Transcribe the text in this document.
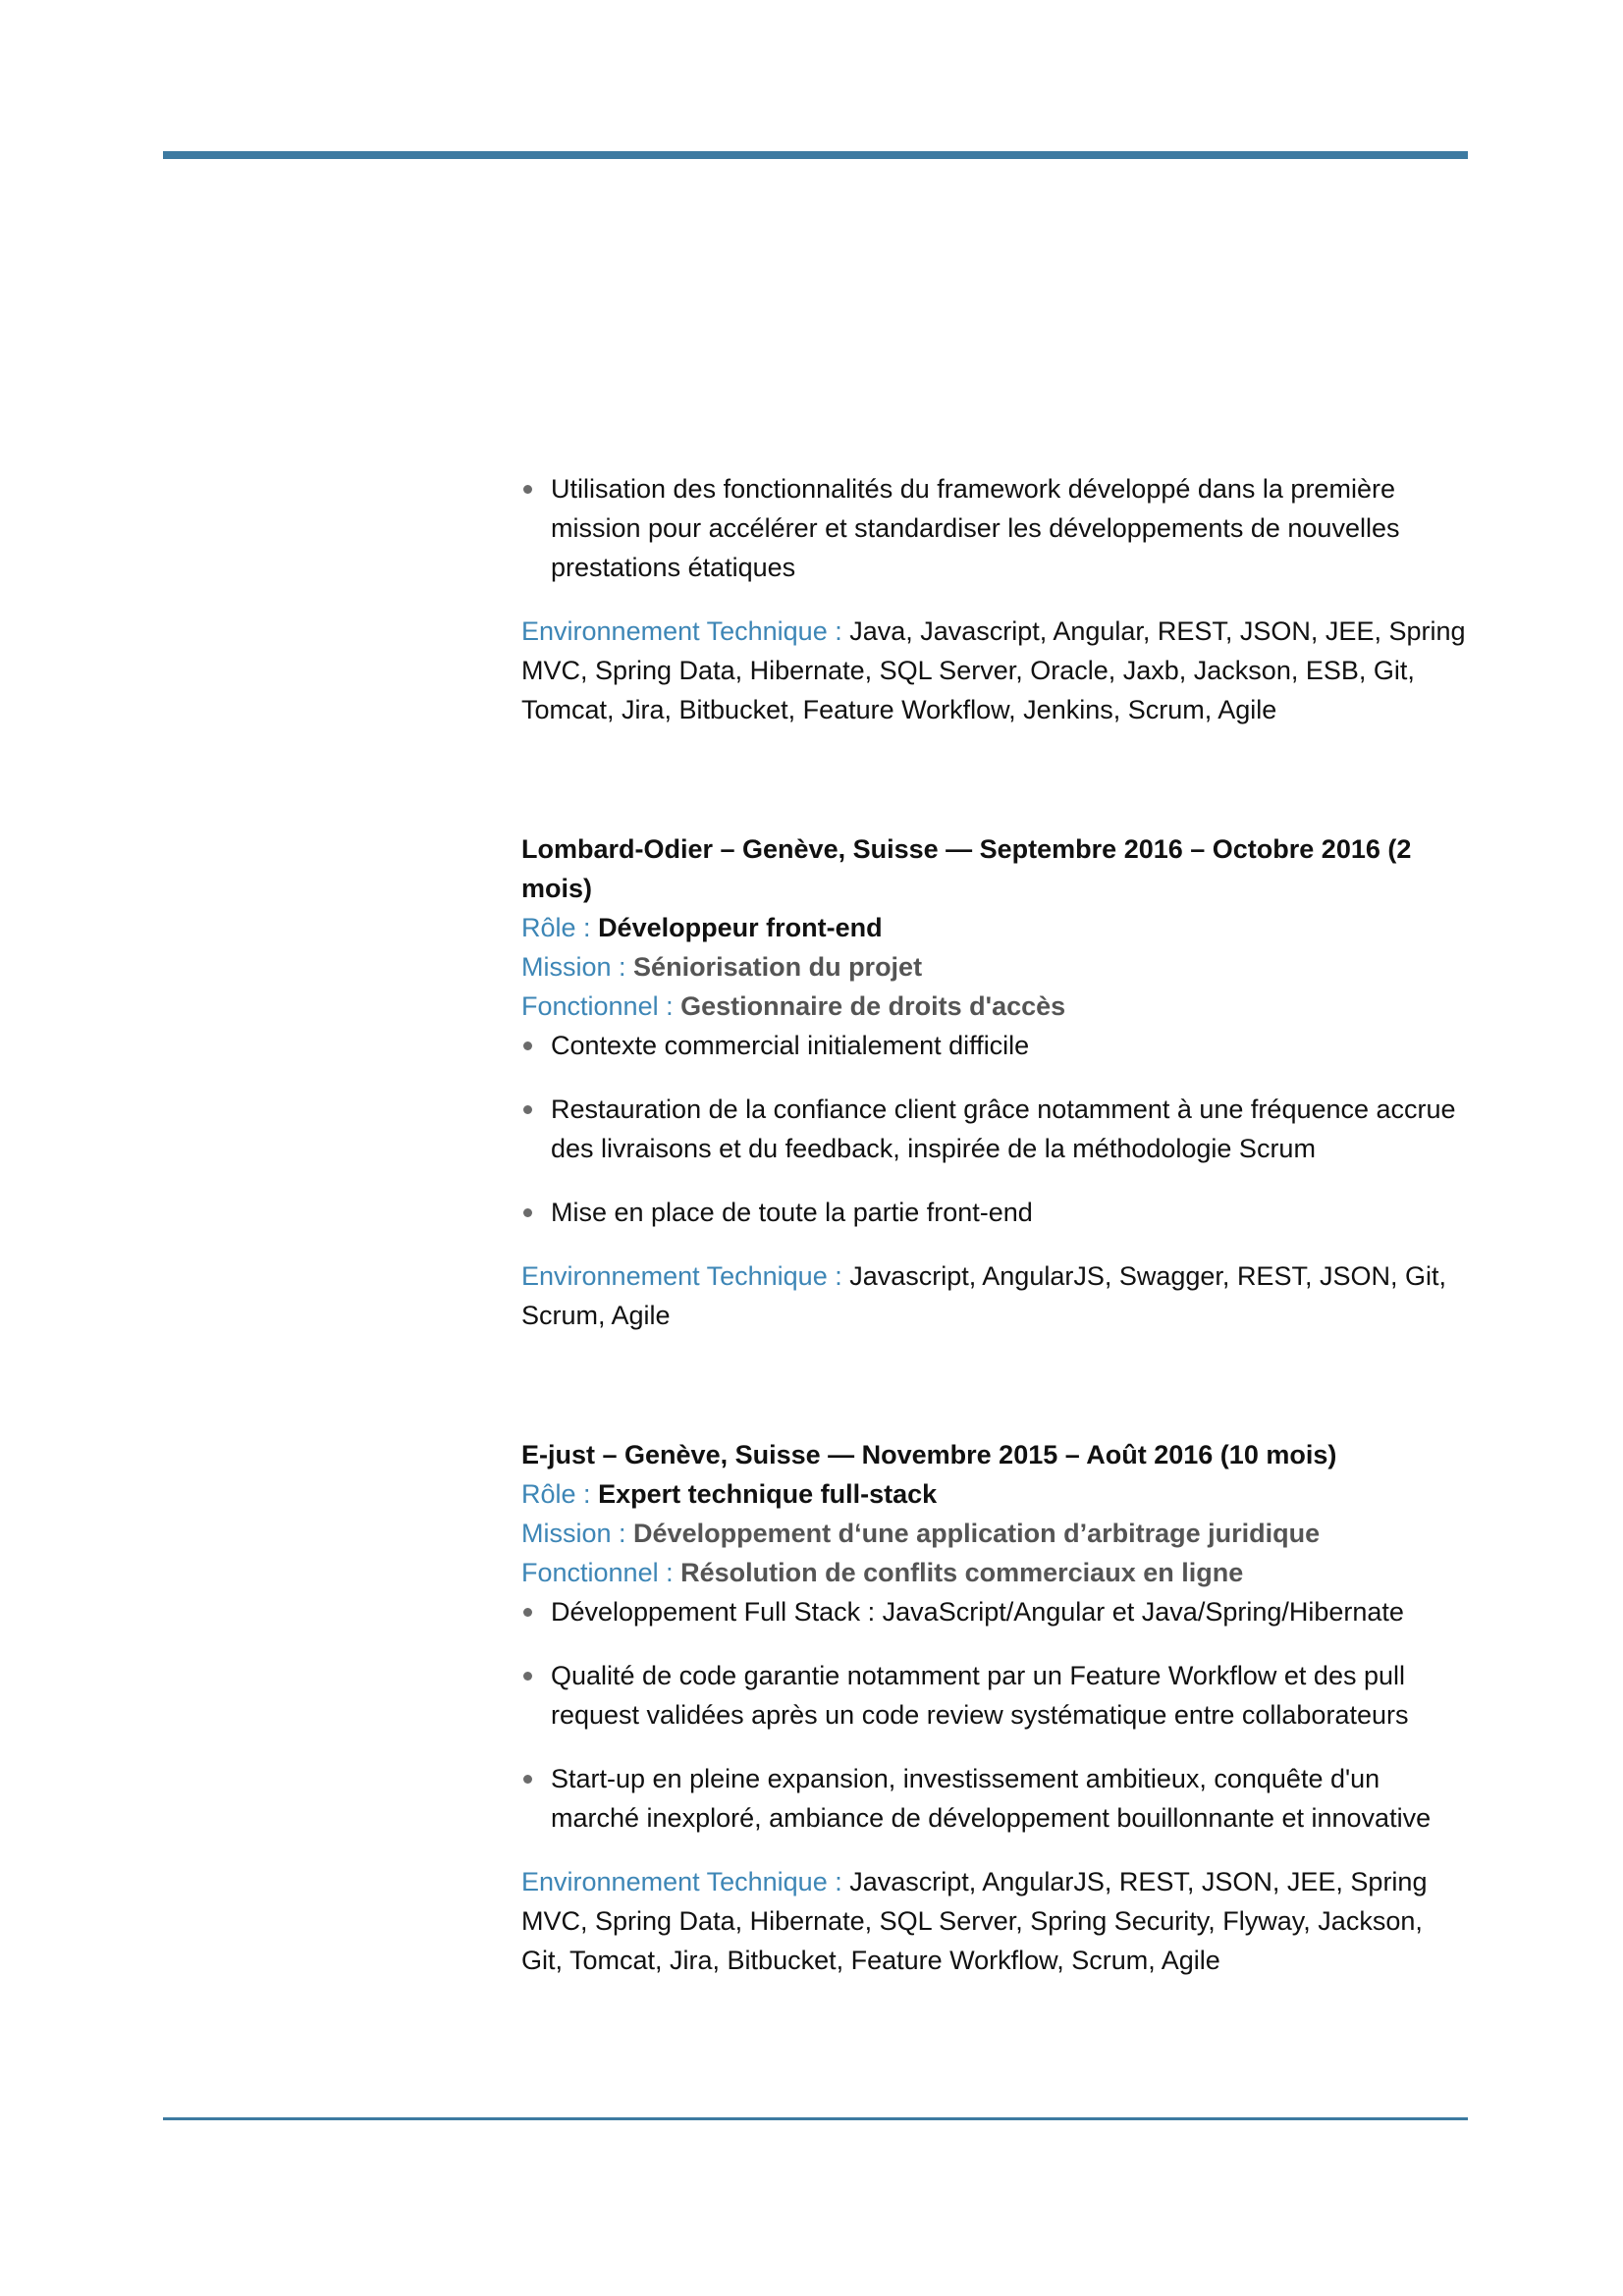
Utilisation des fonctionnalités du framework développé dans la première mission pour accélérer et standardiser les développements de nouvelles prestations étatiques

Environnement Technique : Java, Javascript, Angular, REST, JSON, JEE, Spring MVC, Spring Data, Hibernate, SQL Server, Oracle, Jaxb, Jackson, ESB, Git, Tomcat, Jira, Bitbucket, Feature Workflow, Jenkins, Scrum, Agile

Lombard-Odier – Genève, Suisse — Septembre 2016 – Octobre 2016 (2 mois)

Rôle : Développeur front-end

Mission : Séniorisation du projet

Fonctionnel : Gestionnaire de droits d'accès

Contexte commercial initialement difficile
Restauration de la confiance client grâce notamment à une fréquence accrue des livraisons et du feedback, inspirée de la méthodologie Scrum
Mise en place de toute la partie front-end

Environnement Technique : Javascript, AngularJS, Swagger, REST, JSON, Git, Scrum, Agile

E-just – Genève, Suisse — Novembre 2015 – Août 2016 (10 mois)

Rôle : Expert technique full-stack

Mission : Développement d‘une application d’arbitrage juridique

Fonctionnel : Résolution de conflits commerciaux en ligne

Développement Full Stack : JavaScript/Angular et Java/Spring/Hibernate
Qualité de code garantie notamment par un Feature Workflow et des pull request validées après un code review systématique entre collaborateurs
Start-up en pleine expansion, investissement ambitieux, conquête d'un marché inexploré, ambiance de développement bouillonnante et innovative

Environnement Technique : Javascript, AngularJS, REST, JSON, JEE, Spring MVC, Spring Data, Hibernate, SQL Server, Spring Security, Flyway, Jackson, Git, Tomcat, Jira, Bitbucket, Feature Workflow, Scrum, Agile
